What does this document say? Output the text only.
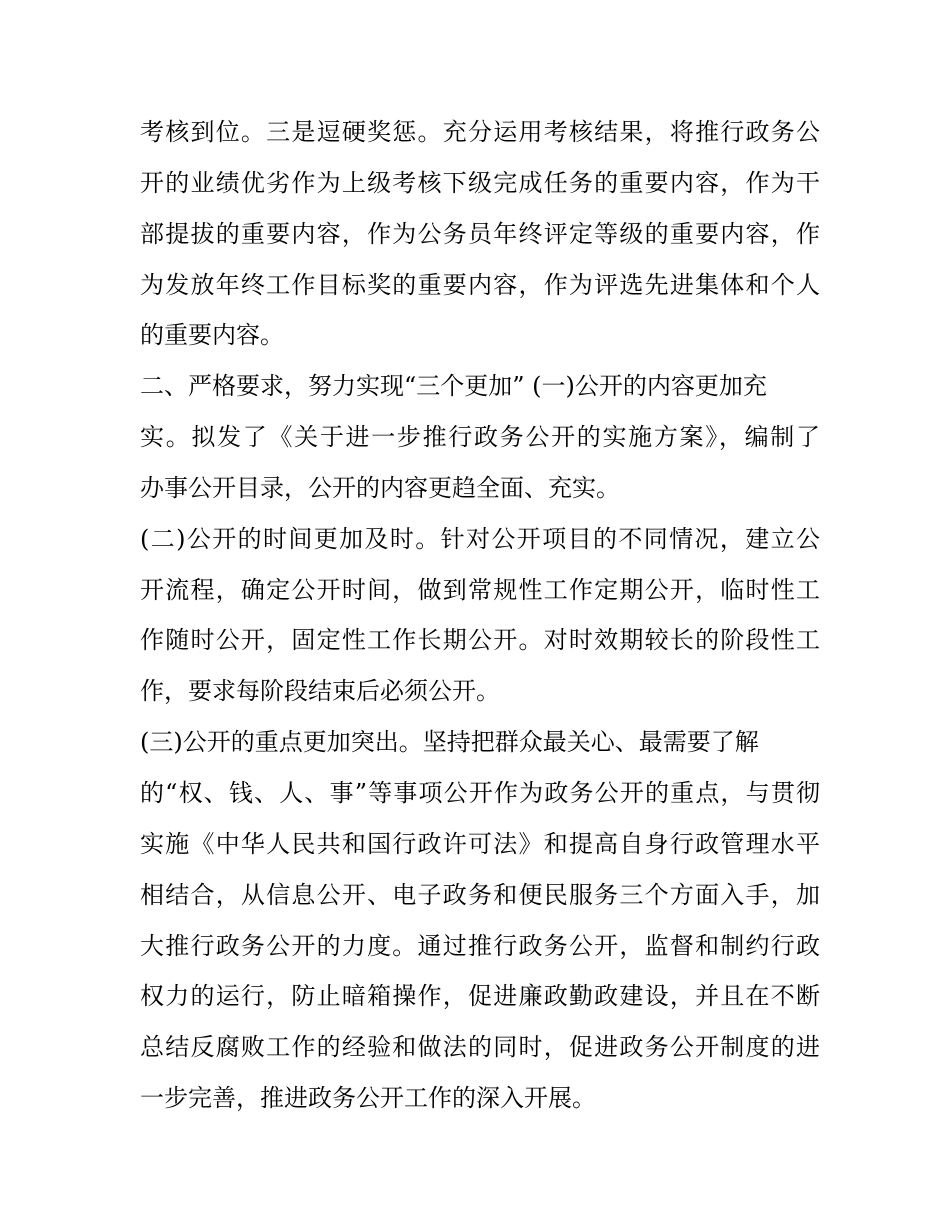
考核到位。三是逗硬奖惩。充分运用考核结果，将推行政务公
开的业绩优劣作为上级考核下级完成任务的重要内容，作为干
部提拔的重要内容，作为公务员年终评定等级的重要内容，作
为发放年终工作目标奖的重要内容，作为评选先进集体和个人
的重要内容。
二、严格要求，努力实现“三个更加” (一)公开的内容更加充
实。拟发了《关于进一步推行政务公开的实施方案》，编制了
办事公开目录，公开的内容更趋全面、充实。
(二)公开的时间更加及时。针对公开项目的不同情况，建立公
开流程，确定公开时间，做到常规性工作定期公开，临时性工
作随时公开，固定性工作长期公开。对时效期较长的阶段性工
作，要求每阶段结束后必须公开。
(三)公开的重点更加突出。坚持把群众最关心、最需要了解
的“权、钱、人、事”等事项公开作为政务公开的重点，与贯彻
实施《中华人民共和国行政许可法》和提高自身行政管理水平
相结合，从信息公开、电子政务和便民服务三个方面入手，加
大推行政务公开的力度。通过推行政务公开，监督和制约行政
权力的运行，防止暗箱操作，促进廉政勤政建设，并且在不断
总结反腐败工作的经验和做法的同时，促进政务公开制度的进
一步完善，推进政务公开工作的深入开展。
